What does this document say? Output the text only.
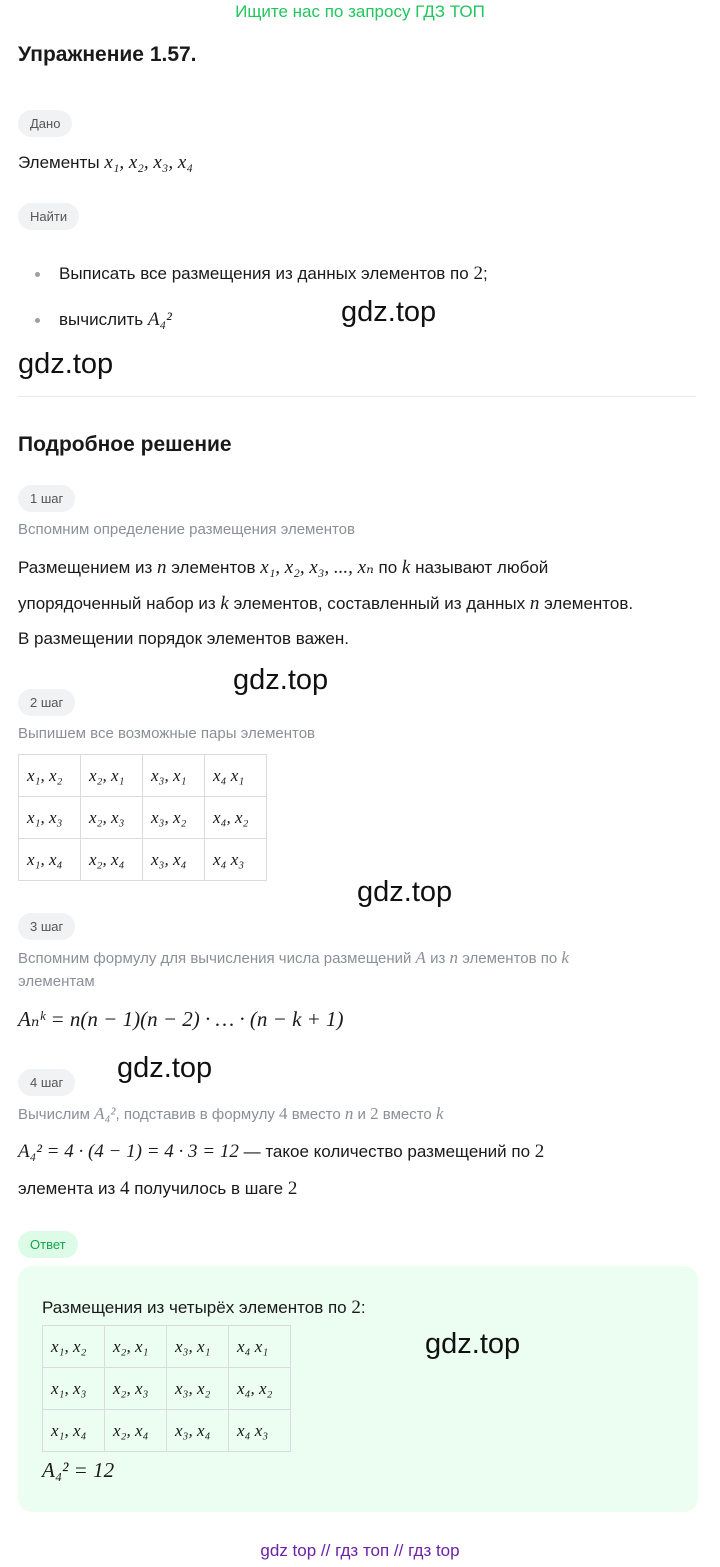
Ищите нас по запросу ГДЗ ТОП
Упражнение 1.57.
Дано
Элементы x₁, x₂, x₃, x₄
Найти
Выписать все размещения из данных элементов по 2;
вычислить A₄²	gdz.top
gdz.top
Подробное решение
1 шаг
Вспомним определение размещения элементов
Размещением из n элементов x₁, x₂, x₃, ..., xₙ по k называют любой
упорядоченный набор из k элементов, составленный из данных n элементов.
В размещении порядок элементов важен.
gdz.top
2 шаг
Выпишем все возможные пары элементов
x₁, x₂	x₂, x₁	x₃, x₁	x₄ x₁
x₁, x₃	x₂, x₃	x₃, x₂	x₄, x₂
x₁, x₄	x₂, x₄	x₃, x₄	x₄ x₃
gdz.top
3 шаг
Вспомним формулу для вычисления числа размещений A из n элементов по k
элементам
Aₙᵏ = n(n − 1)(n − 2) · … · (n − k + 1)
4 шаг	gdz.top
Вычислим A₄², подставив в формулу 4 вместо n и 2 вместо k
A₄² = 4 · (4 − 1) = 4 · 3 = 12 — такое количество размещений по 2
элемента из 4 получилось в шаге 2
Ответ
Размещения из четырёх элементов по 2:
x₁, x₂	x₂, x₁	x₃, x₁	x₄ x₁
x₁, x₃	x₂, x₃	x₃, x₂	x₄, x₂
x₁, x₄	x₂, x₄	x₃, x₄	x₄ x₃
gdz.top
A₄² = 12
gdz top // гдз топ // гдз top
